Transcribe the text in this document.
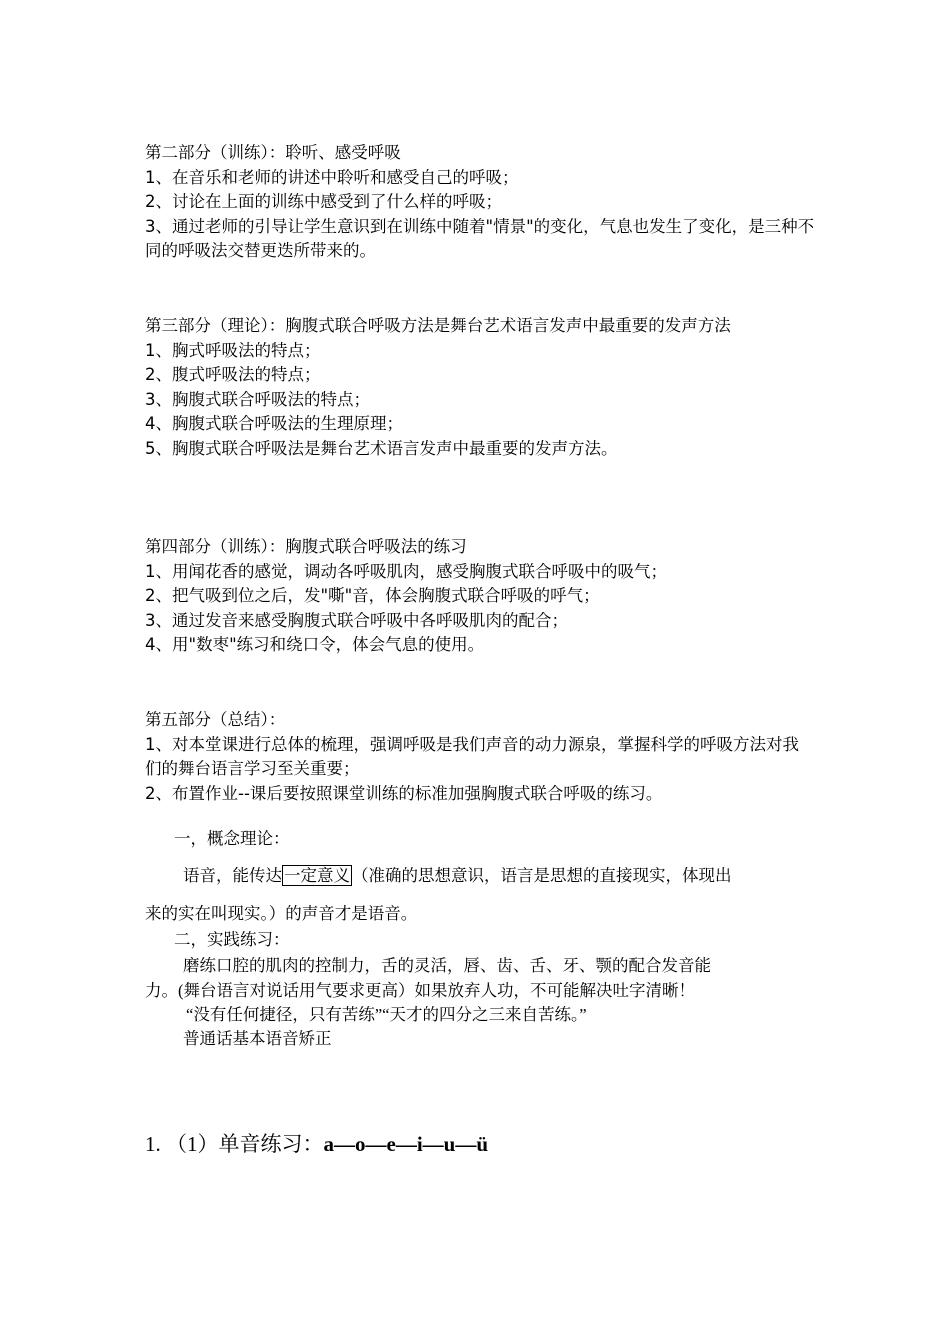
第二部分（训练）：聆听、感受呼吸
1、在音乐和老师的讲述中聆听和感受自己的呼吸；
2、讨论在上面的训练中感受到了什么样的呼吸；
3、通过老师的引导让学生意识到在训练中随着"情景"的变化，气息也发生了变化，是三种不同的呼吸法交替更迭所带来的。
第三部分（理论）：胸腹式联合呼吸方法是舞台艺术语言发声中最重要的发声方法
1、胸式呼吸法的特点；
2、腹式呼吸法的特点；
3、胸腹式联合呼吸法的特点；
4、胸腹式联合呼吸法的生理原理；
5、胸腹式联合呼吸法是舞台艺术语言发声中最重要的发声方法。
第四部分（训练）：胸腹式联合呼吸法的练习
1、用闻花香的感觉，调动各呼吸肌肉，感受胸腹式联合呼吸中的吸气；
2、把气吸到位之后，发"嘶"音，体会胸腹式联合呼吸的呼气；
3、通过发音来感受胸腹式联合呼吸中各呼吸肌肉的配合；
4、用"数枣"练习和绕口令，体会气息的使用。
第五部分（总结）：
1、对本堂课进行总体的梳理，强调呼吸是我们声音的动力源泉，掌握科学的呼吸方法对我们的舞台语言学习至关重要；
2、布置作业--课后要按照课堂训练的标准加强胸腹式联合呼吸的练习。
一，概念理论：
语音，能传达 一定意义 （准确的思想意识，语言是思想的直接现实，体现出
来的实在叫现实。）的声音才是语音。
二，实践练习：
磨练口腔的肌肉的控制力，舌的灵活，唇、齿、舌、牙、颚的配合发音能
力。(舞台语言对说话用气要求更高）如果放弃人功，不可能解决吐字清晰！
“没有任何捷径，只有苦练”“天才的四分之三来自苦练。”
普通话基本语音矫正
1. （1）单音练习：a—o—e—i—u—ü
